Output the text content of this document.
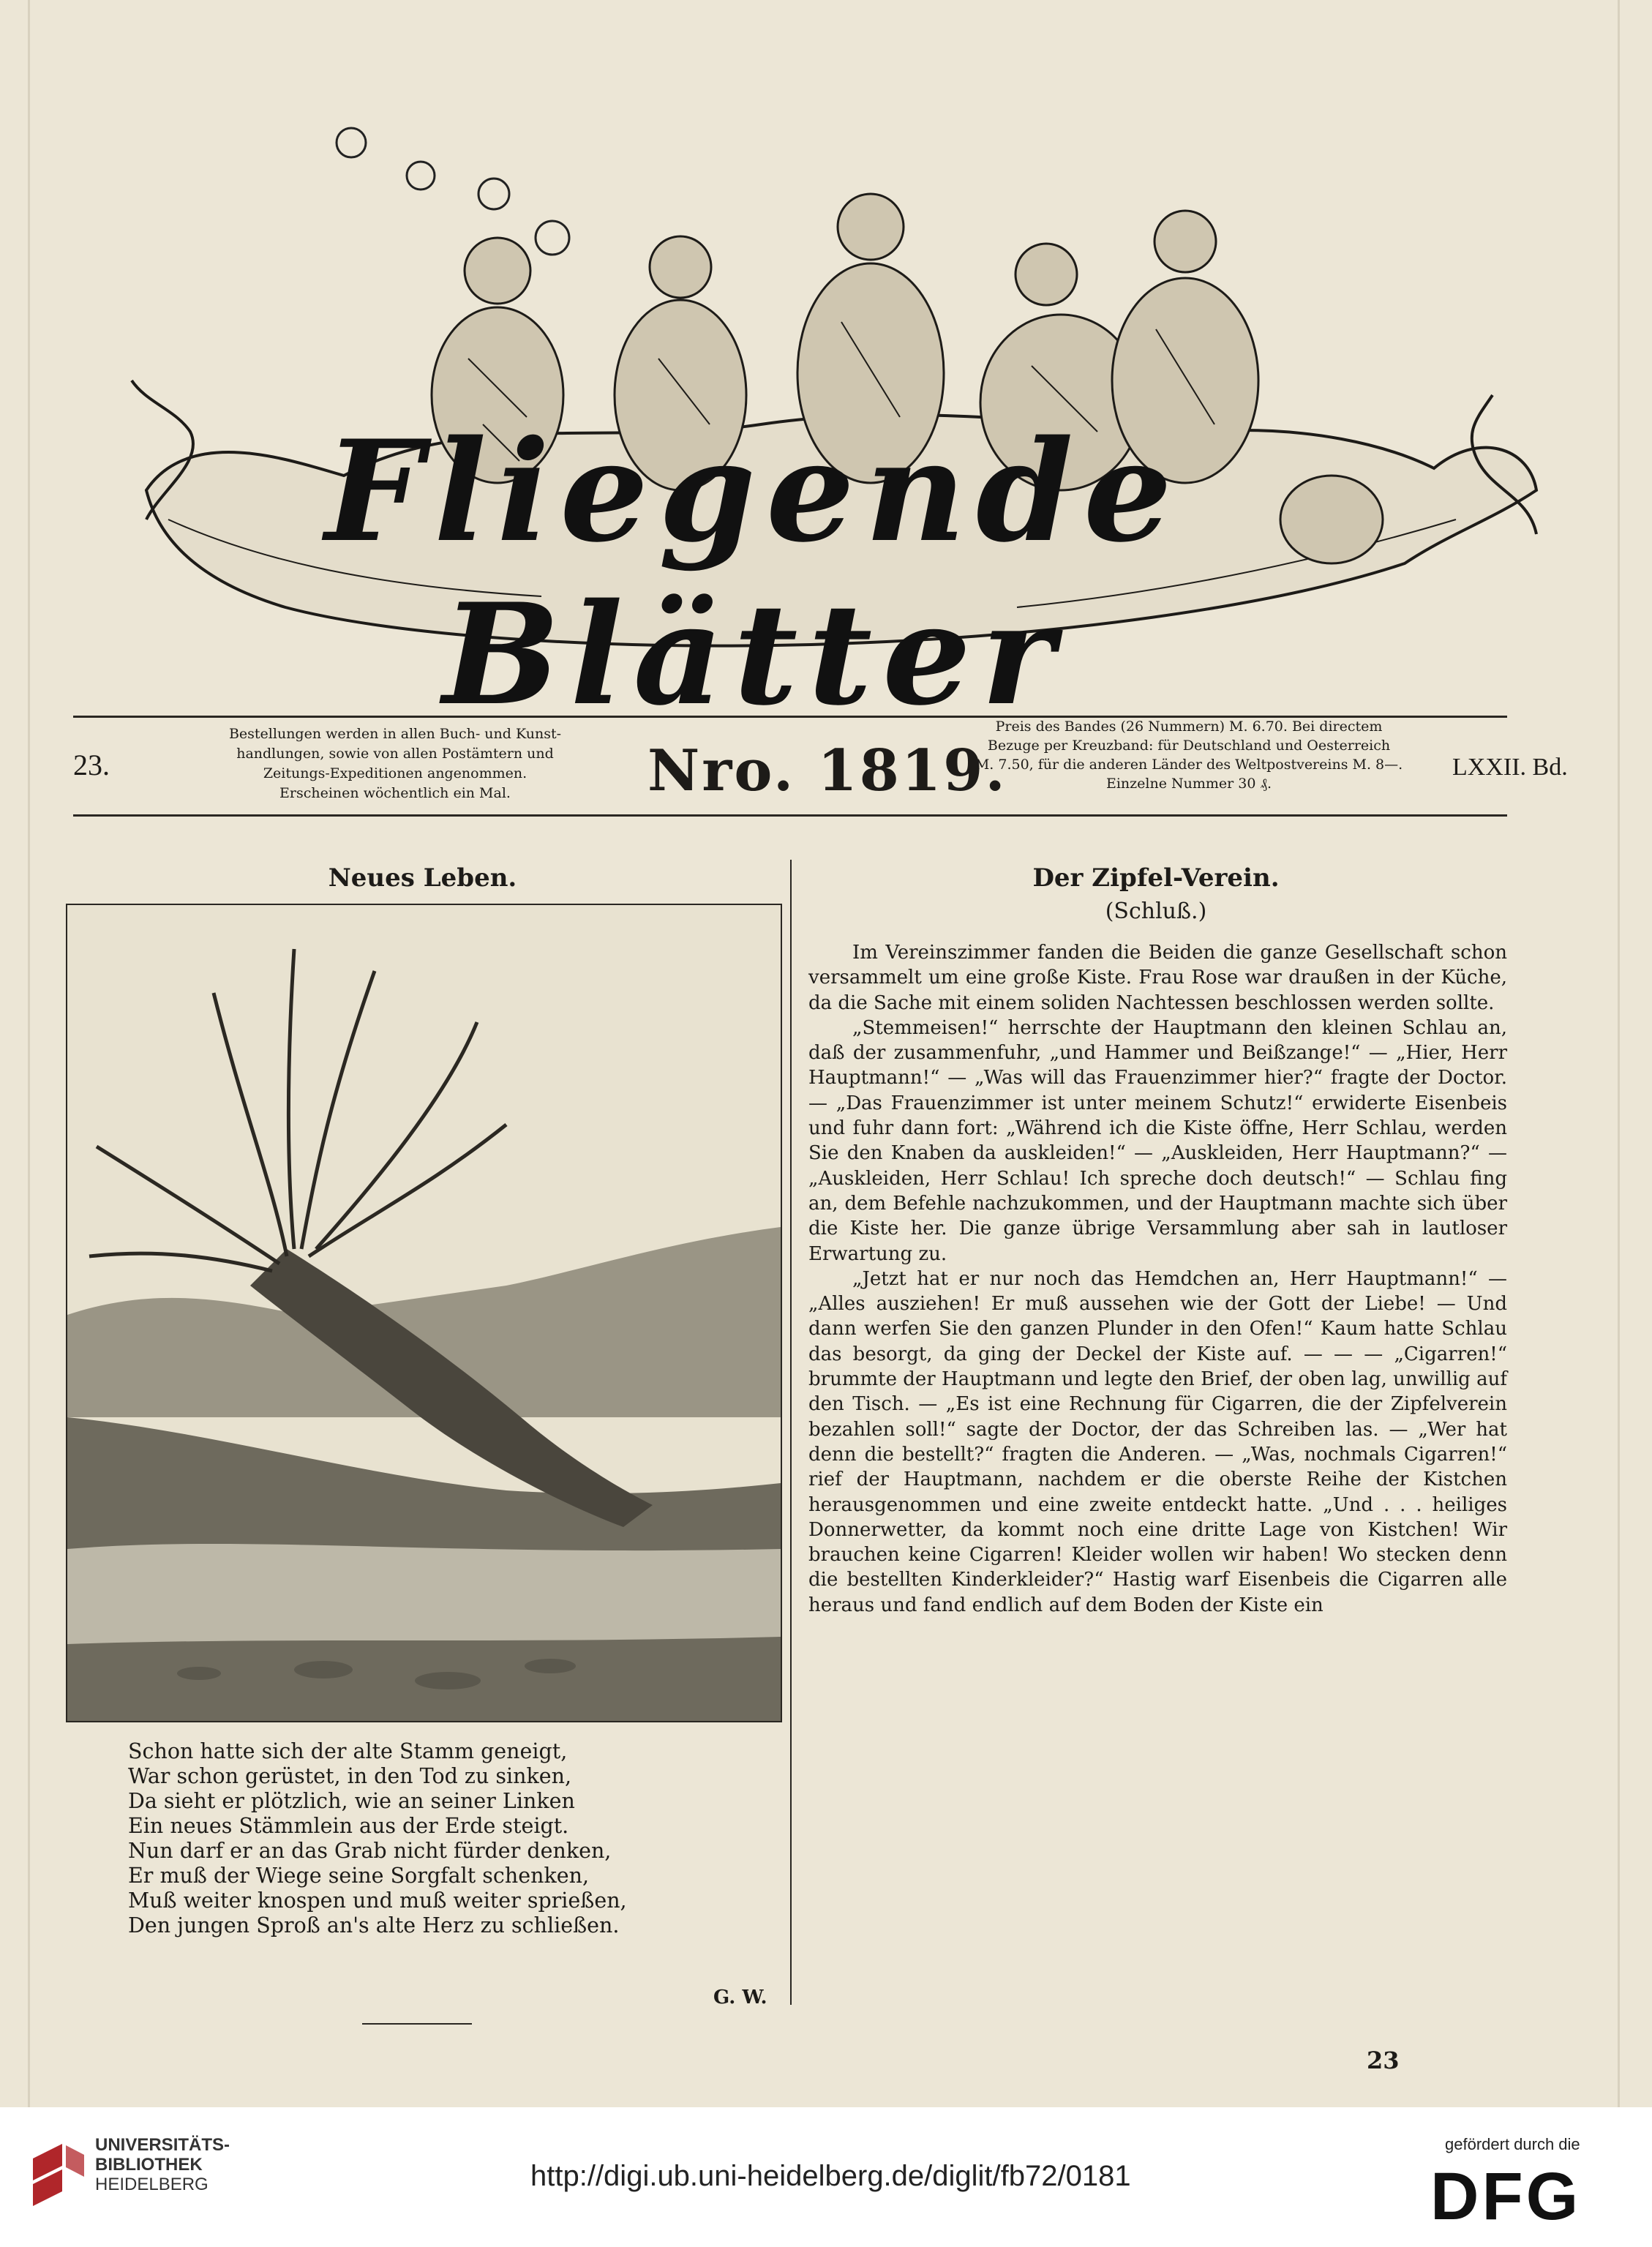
Fliegende Blätter
23.
Bestellungen werden in allen Buch- und Kunst-
handlungen, sowie von allen Postämtern und
Zeitungs-Expeditionen angenommen.
Erscheinen wöchentlich ein Mal.	Nro. 1819.
Preis des Bandes (26 Nummern) M. 6.70. Bei directem
Bezuge per Kreuzband: für Deutschland und Oesterreich
M. 7.50, für die anderen Länder des Weltpostvereins M. 8—.
Einzelne Nummer 30 ₰.
LXXII. Bd.
Neues Leben.
Schon hatte sich der alte Stamm geneigt,
War schon gerüstet, in den Tod zu sinken,
Da sieht er plötzlich, wie an seiner Linken
Ein neues Stämmlein aus der Erde steigt.
Nun darf er an das Grab nicht fürder denken,
Er muß der Wiege seine Sorgfalt schenken,
Muß weiter knospen und muß weiter sprießen,
Den jungen Sproß an's alte Herz zu schließen.
G. W.
Der Zipfel-Verein.
(Schluß.)

Im Vereinszimmer fanden die Beiden die ganze Gesellschaft schon versammelt um eine große Kiste. Frau Rose war draußen in der Küche, da die Sache mit einem soliden Nachtessen beschlossen werden sollte.

„Stemmeisen!“ herrschte der Hauptmann den kleinen Schlau an, daß der zusammenfuhr, „und Hammer und Beißzange!“ — „Hier, Herr Hauptmann!“ — „Was will das Frauenzimmer hier?“ fragte der Doctor. — „Das Frauenzimmer ist unter meinem Schutz!“ erwiderte Eisenbeis und fuhr dann fort: „Während ich die Kiste öffne, Herr Schlau, werden Sie den Knaben da auskleiden!“ — „Auskleiden, Herr Hauptmann?“ — „Auskleiden, Herr Schlau! Ich spreche doch deutsch!“ — Schlau fing an, dem Befehle nachzukommen, und der Hauptmann machte sich über die Kiste her. Die ganze übrige Versammlung aber sah in lautloser Erwartung zu.

„Jetzt hat er nur noch das Hemdchen an, Herr Hauptmann!“ — „Alles ausziehen! Er muß aussehen wie der Gott der Liebe! — Und dann werfen Sie den ganzen Plunder in den Ofen!“ Kaum hatte Schlau das besorgt, da ging der Deckel der Kiste auf. — — — „Cigarren!“ brummte der Hauptmann und legte den Brief, der oben lag, unwillig auf den Tisch. — „Es ist eine Rechnung für Cigarren, die der Zipfelverein bezahlen soll!“ sagte der Doctor, der das Schreiben las. — „Wer hat denn die bestellt?“ fragten die Anderen. — „Was, nochmals Cigarren!“ rief der Hauptmann, nachdem er die oberste Reihe der Kistchen herausgenommen und eine zweite entdeckt hatte. „Und . . . heiliges Donnerwetter, da kommt noch eine dritte Lage von Kistchen! Wir brauchen keine Cigarren! Kleider wollen wir haben! Wo stecken denn die bestellten Kinderkleider?“ Hastig warf Eisenbeis die Cigarren alle heraus und fand endlich auf dem Boden der Kiste ein

23
UNIVERSITÄTS-
BIBLIOTHEK
HEIDELBERG	http://digi.ub.uni-heidelberg.de/diglit/fb72/0181
gefördert durch die
DFG
